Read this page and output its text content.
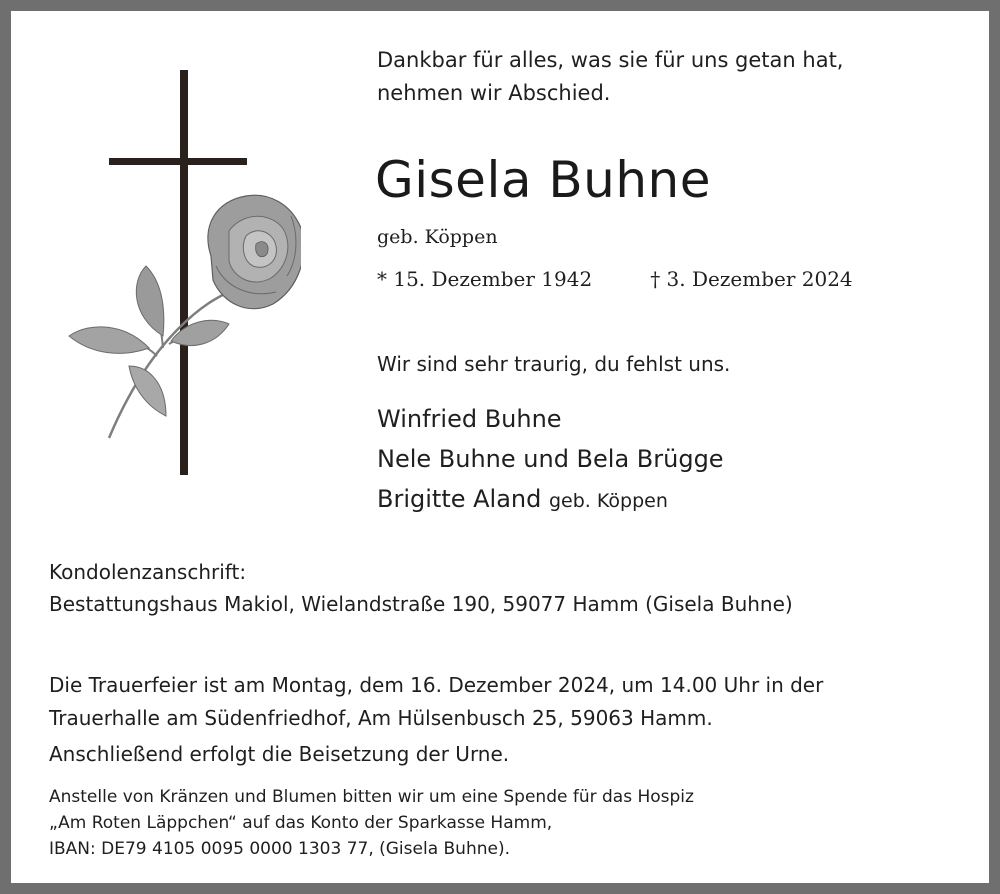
Dankbar für alles, was sie für uns getan hat,
nehmen wir Abschied.
Gisela Buhne
geb. Köppen
* 15. Dezember 1942	† 3. Dezember 2024
Wir sind sehr traurig, du fehlst uns.
Winfried Buhne
Nele Buhne und Bela Brügge
Brigitte Aland geb. Köppen
Kondolenzanschrift:
Bestattungshaus Makiol, Wielandstraße 190, 59077 Hamm (Gisela Buhne)
Die Trauerfeier ist am Montag, dem 16. Dezember 2024, um 14.00 Uhr in der
Trauerhalle am Südenfriedhof, Am Hülsenbusch 25, 59063 Hamm.
Anschließend erfolgt die Beisetzung der Urne.
Anstelle von Kränzen und Blumen bitten wir um eine Spende für das Hospiz
„Am Roten Läppchen“ auf das Konto der Sparkasse Hamm,
IBAN: DE79 4105 0095 0000 1303 77, (Gisela Buhne).
